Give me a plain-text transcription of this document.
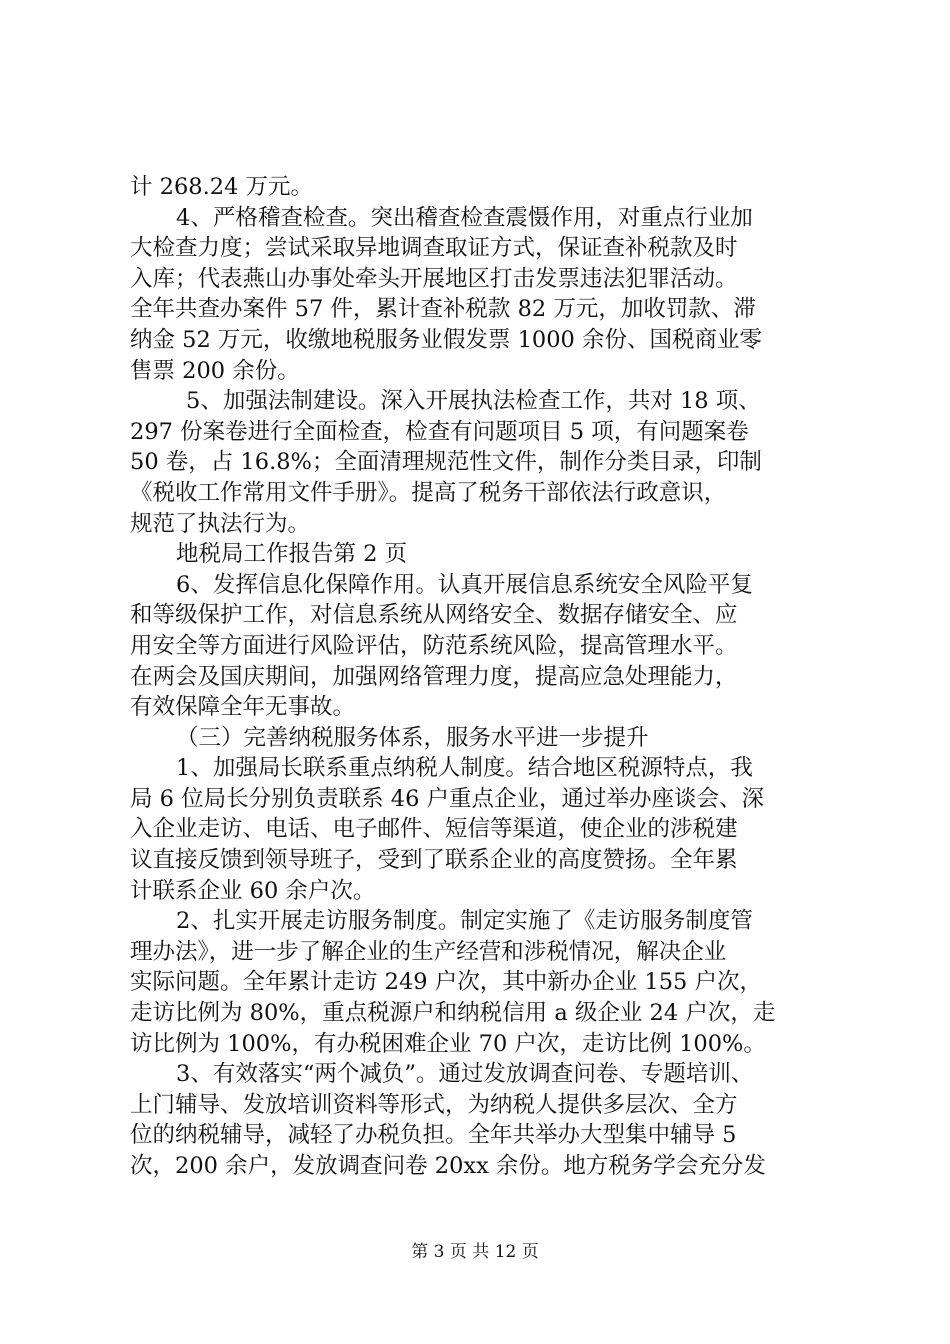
计 268.24 万元。
4、严格稽查检查。突出稽查检查震慑作用，对重点行业加
大检查力度；尝试采取异地调查取证方式，保证查补税款及时
入库；代表燕山办事处牵头开展地区打击发票违法犯罪活动。
全年共查办案件 57 件，累计查补税款 82 万元，加收罚款、滞
纳金 52 万元，收缴地税服务业假发票 1000 余份、国税商业零
售票 200 余份。
5、加强法制建设。深入开展执法检查工作，共对 18 项、
297 份案卷进行全面检查，检查有问题项目 5 项，有问题案卷
50 卷，占 16.8%；全面清理规范性文件，制作分类目录，印制
《税收工作常用文件手册》。提高了税务干部依法行政意识，
规范了执法行为。
地税局工作报告第 2 页
6、发挥信息化保障作用。认真开展信息系统安全风险平复
和等级保护工作，对信息系统从网络安全、数据存储安全、应
用安全等方面进行风险评估，防范系统风险，提高管理水平。
在两会及国庆期间，加强网络管理力度，提高应急处理能力，
有效保障全年无事故。
（三）完善纳税服务体系，服务水平进一步提升
1、加强局长联系重点纳税人制度。结合地区税源特点，我
局 6 位局长分别负责联系 46 户重点企业，通过举办座谈会、深
入企业走访、电话、电子邮件、短信等渠道，使企业的涉税建
议直接反馈到领导班子，受到了联系企业的高度赞扬。全年累
计联系企业 60 余户次。
2、扎实开展走访服务制度。制定实施了《走访服务制度管
理办法》，进一步了解企业的生产经营和涉税情况，解决企业
实际问题。全年累计走访 249 户次，其中新办企业 155 户次，
走访比例为 80%，重点税源户和纳税信用 a 级企业 24 户次，走
访比例为 100%，有办税困难企业 70 户次，走访比例 100%。
3、有效落实“两个减负”。通过发放调查问卷、专题培训、
上门辅导、发放培训资料等形式，为纳税人提供多层次、全方
位的纳税辅导，减轻了办税负担。全年共举办大型集中辅导 5
次，200 余户，发放调查问卷 20xx 余份。地方税务学会充分发
第 3 页 共 12 页
